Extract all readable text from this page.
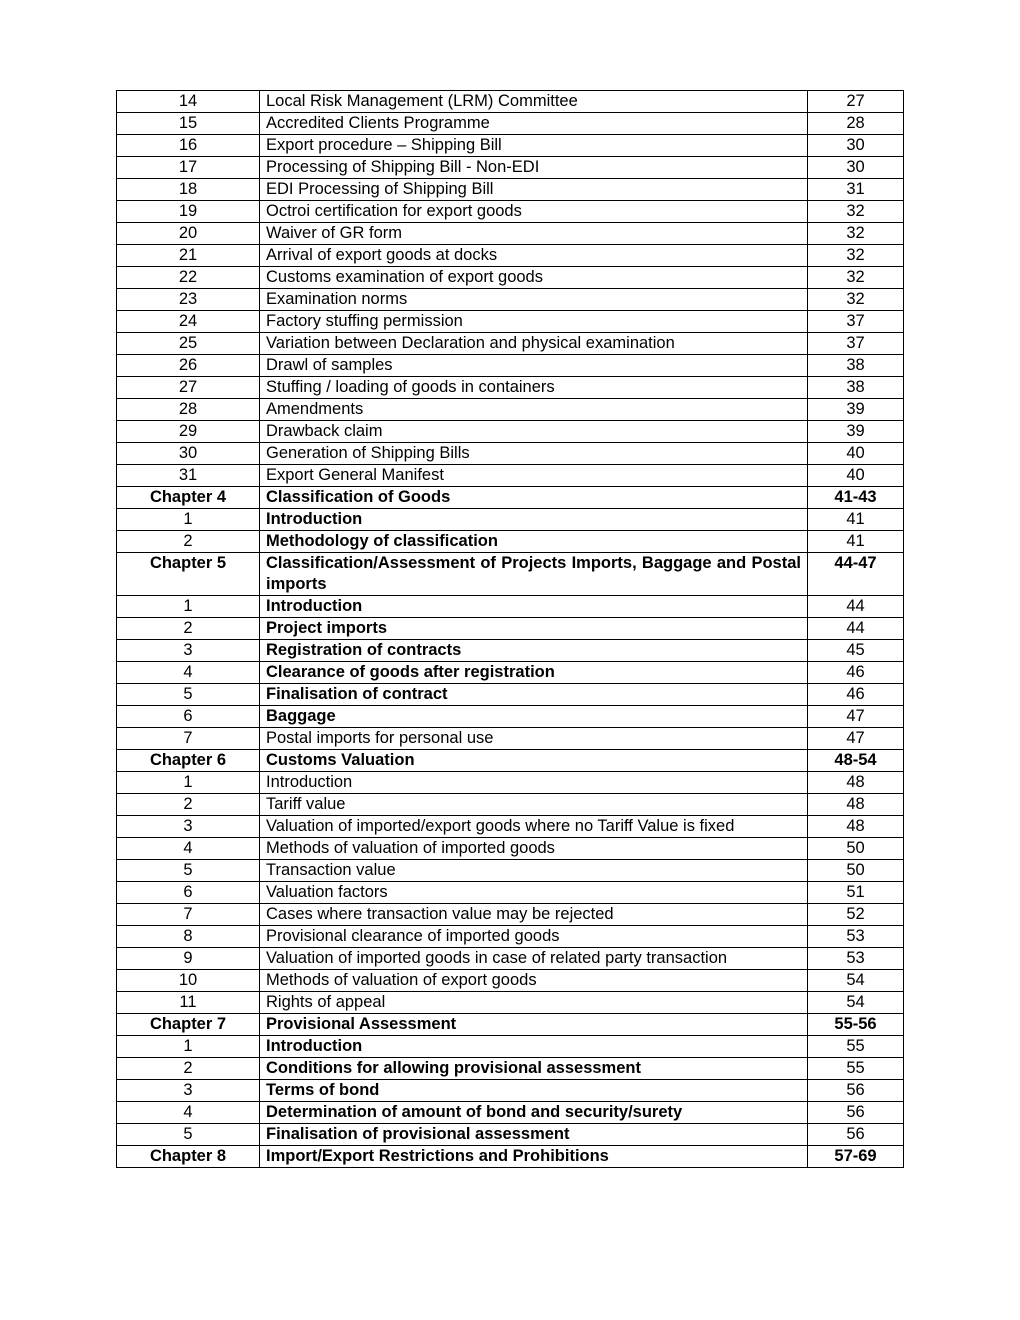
14	Local Risk Management (LRM) Committee	27
15	Accredited Clients Programme	28
16	Export procedure – Shipping Bill	30
17	Processing of Shipping Bill - Non-EDI	30
18	EDI Processing of Shipping Bill	31
19	Octroi certification for export goods	32
20	Waiver of GR form	32
21	Arrival of export goods at docks	32
22	Customs examination of export goods	32
23	Examination norms	32
24	Factory stuffing permission	37
25	Variation between Declaration and physical examination	37
26	Drawl of samples	38
27	Stuffing / loading of goods in containers	38
28	Amendments	39
29	Drawback claim	39
30	Generation of Shipping Bills	40
31	Export General Manifest	40
Chapter 4	Classification of Goods	41-43
1	Introduction	41
2	Methodology of classification	41
Chapter 5	Classification/Assessment of Projects Imports, Baggage and Postal imports	44-47
1	Introduction	44
2	Project imports	44
3	Registration of contracts	45
4	Clearance of goods after registration	46
5	Finalisation of contract	46
6	Baggage	47
7	Postal imports for personal use	47
Chapter 6	Customs Valuation	48-54
1	Introduction	48
2	Tariff value	48
3	Valuation of imported/export goods where no Tariff Value is fixed	48
4	Methods of valuation of imported goods	50
5	Transaction value	50
6	Valuation factors	51
7	Cases where transaction value may be rejected	52
8	Provisional clearance of imported goods	53
9	Valuation of imported goods in case of related party transaction	53
10	Methods of valuation of export goods	54
11	Rights of appeal	54
Chapter 7	Provisional Assessment	55-56
1	Introduction	55
2	Conditions for allowing provisional assessment	55
3	Terms of bond	56
4	Determination of amount of bond and security/surety	56
5	Finalisation of provisional assessment	56
Chapter 8	Import/Export Restrictions and Prohibitions	57-69
